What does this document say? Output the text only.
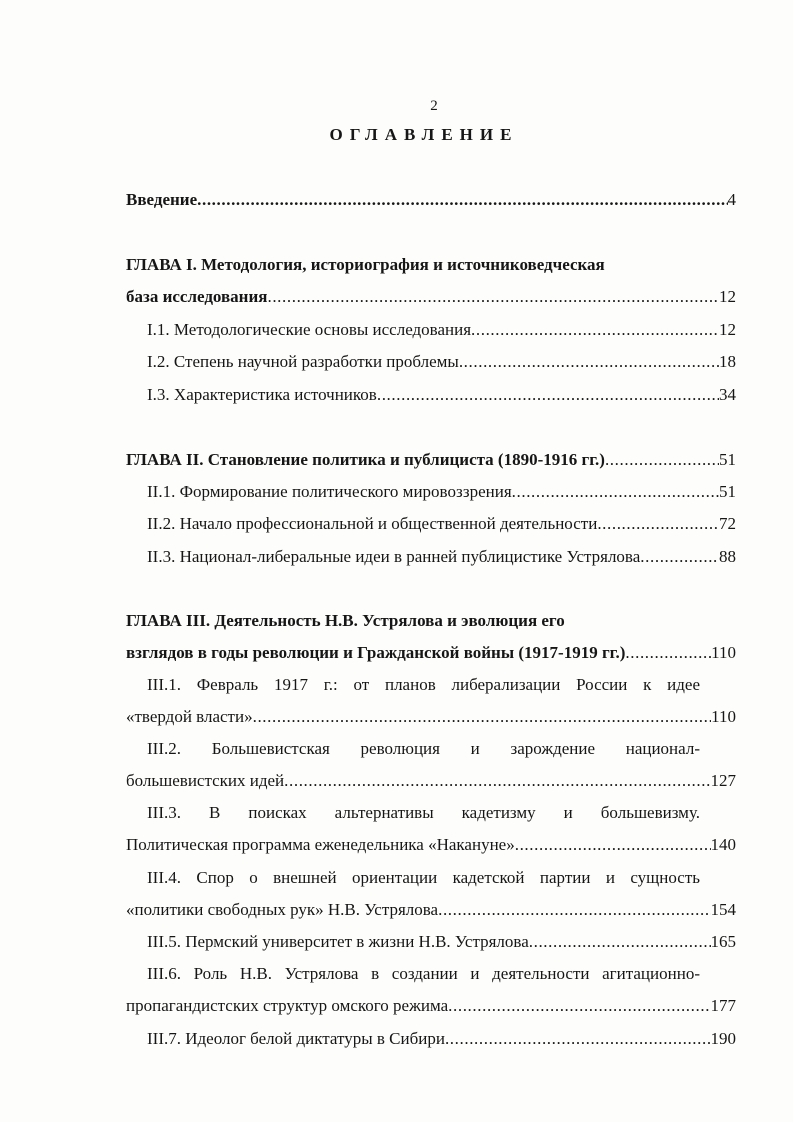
2
ОГЛАВЛЕНИЕ
Введение .....	4
ГЛАВА I. Методология, историография и источниковедческая
база исследования .....	12
I.1. Методологические основы исследования .....	12
I.2. Степень научной разработки проблемы .....	18
I.3. Характеристика источников .....	34
ГЛАВА II. Становление политика и публициста (1890-1916 гг.) .....	51
II.1. Формирование политического мировоззрения .....	51
II.2. Начало профессиональной и общественной деятельности .....	72
II.3. Национал-либеральные идеи в ранней публицистике Устрялова .....	88
ГЛАВА III. Деятельность Н.В. Устрялова и эволюция его
взглядов в годы революции и Гражданской войны (1917-1919 гг.) .....	110
III.1. Февраль 1917 г.: от планов либерализации России к идее
«твердой власти» .....	110
III.2. Большевистская революция и зарождение национал-
большевистских идей .....	127
III.3. В поисках альтернативы кадетизму и большевизму.
Политическая программа еженедельника «Накануне» .....	140
III.4. Спор о внешней ориентации кадетской партии и сущность
«политики свободных рук» Н.В. Устрялова .....	154
III.5. Пермский университет в жизни Н.В. Устрялова .....	165
III.6. Роль Н.В. Устрялова в создании и деятельности агитационно-
пропагандистских структур омского режима .....	177
III.7. Идеолог белой диктатуры в Сибири .....	190
